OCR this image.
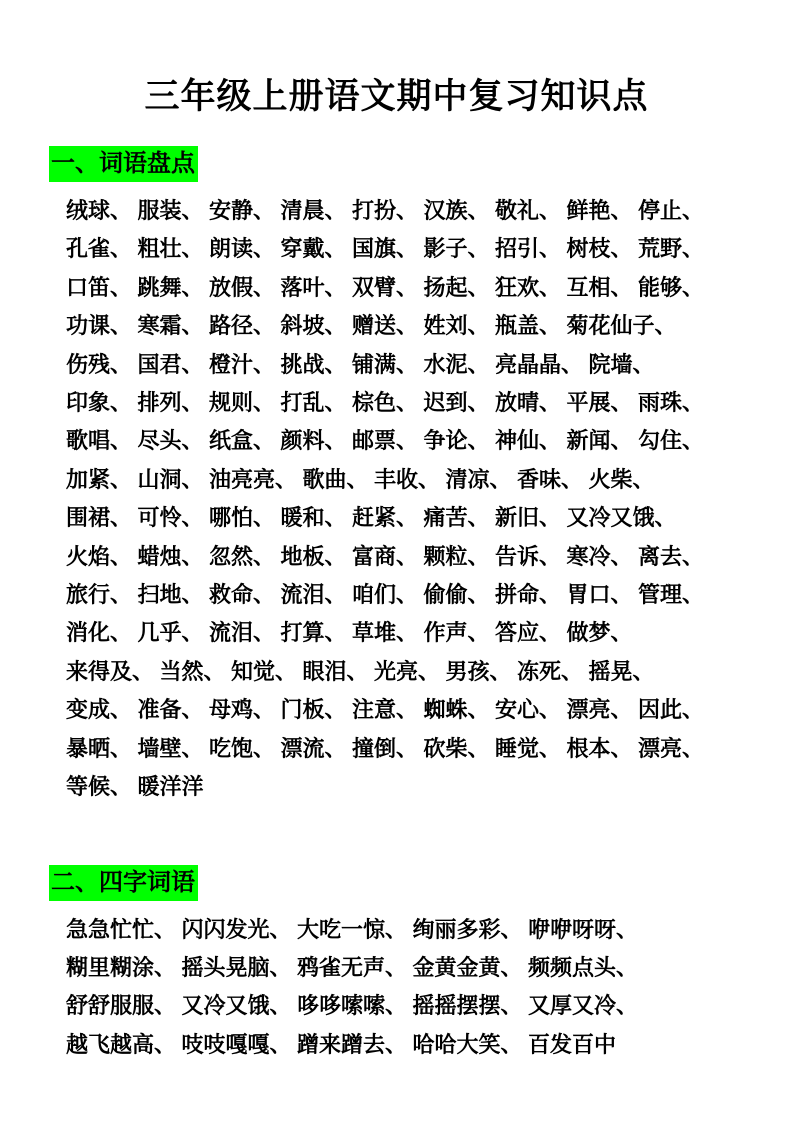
三年级上册语文期中复习知识点
一、词语盘点
绒球、 服装、 安静、 清晨、 打扮、 汉族、 敬礼、 鲜艳、 停止、
孔雀、 粗壮、 朗读、 穿戴、 国旗、 影子、 招引、 树枝、 荒野、
口笛、 跳舞、 放假、 落叶、 双臂、 扬起、 狂欢、 互相、 能够、
功课、 寒霜、 路径、 斜坡、 赠送、 姓刘、 瓶盖、 菊花仙子、
伤残、 国君、 橙汁、 挑战、 铺满、 水泥、 亮晶晶、 院墙、
印象、 排列、 规则、 打乱、 棕色、 迟到、 放晴、 平展、 雨珠、
歌唱、 尽头、 纸盒、 颜料、 邮票、 争论、 神仙、 新闻、 勾住、
加紧、 山洞、 油亮亮、 歌曲、 丰收、 清凉、 香味、 火柴、
围裙、 可怜、 哪怕、 暖和、 赶紧、 痛苦、 新旧、 又冷又饿、
火焰、 蜡烛、 忽然、 地板、 富商、 颗粒、 告诉、 寒冷、 离去、
旅行、 扫地、 救命、 流泪、 咱们、 偷偷、 拼命、 胃口、 管理、
消化、 几乎、 流泪、 打算、 草堆、 作声、 答应、 做梦、
来得及、 当然、 知觉、 眼泪、 光亮、 男孩、 冻死、 摇晃、
变成、 准备、 母鸡、 门板、 注意、 蜘蛛、 安心、 漂亮、 因此、
暴晒、 墙壁、 吃饱、 漂流、 撞倒、 砍柴、 睡觉、 根本、 漂亮、
等候、 暖洋洋
二、四字词语
急急忙忙、 闪闪发光、 大吃一惊、 绚丽多彩、 咿咿呀呀、
糊里糊涂、 摇头晃脑、 鸦雀无声、 金黄金黄、 频频点头、
舒舒服服、 又冷又饿、 哆哆嗦嗦、 摇摇摆摆、 又厚又冷、
越飞越高、 吱吱嘎嘎、 蹭来蹭去、 哈哈大笑、 百发百中
